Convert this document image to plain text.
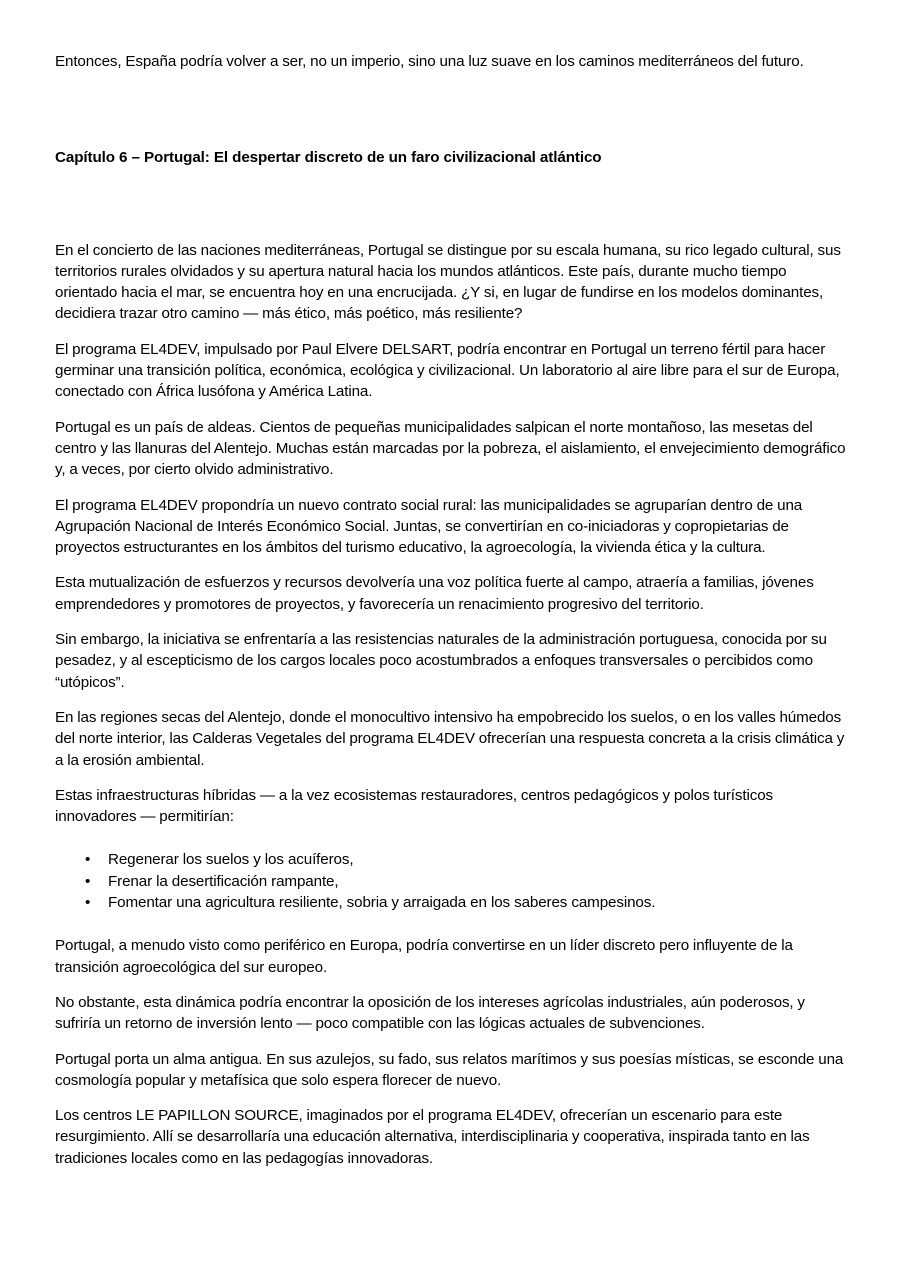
Entonces, España podría volver a ser, no un imperio, sino una luz suave en los caminos mediterráneos del futuro.

Capítulo 6 – Portugal: El despertar discreto de un faro civilizacional atlántico

En el concierto de las naciones mediterráneas, Portugal se distingue por su escala humana, su rico legado cultural, sus territorios rurales olvidados y su apertura natural hacia los mundos atlánticos. Este país, durante mucho tiempo orientado hacia el mar, se encuentra hoy en una encrucijada. ¿Y si, en lugar de fundirse en los modelos dominantes, decidiera trazar otro camino — más ético, más poético, más resiliente?

El programa EL4DEV, impulsado por Paul Elvere DELSART, podría encontrar en Portugal un terreno fértil para hacer germinar una transición política, económica, ecológica y civilizacional. Un laboratorio al aire libre para el sur de Europa, conectado con África lusófona y América Latina.

Portugal es un país de aldeas. Cientos de pequeñas municipalidades salpican el norte montañoso, las mesetas del centro y las llanuras del Alentejo. Muchas están marcadas por la pobreza, el aislamiento, el envejecimiento demográfico y, a veces, por cierto olvido administrativo.

El programa EL4DEV propondría un nuevo contrato social rural: las municipalidades se agruparían dentro de una Agrupación Nacional de Interés Económico Social. Juntas, se convertirían en co-iniciadoras y copropietarias de proyectos estructurantes en los ámbitos del turismo educativo, la agroecología, la vivienda ética y la cultura.

Esta mutualización de esfuerzos y recursos devolvería una voz política fuerte al campo, atraería a familias, jóvenes emprendedores y promotores de proyectos, y favorecería un renacimiento progresivo del territorio.

Sin embargo, la iniciativa se enfrentaría a las resistencias naturales de la administración portuguesa, conocida por su pesadez, y al escepticismo de los cargos locales poco acostumbrados a enfoques transversales o percibidos como “utópicos”.

En las regiones secas del Alentejo, donde el monocultivo intensivo ha empobrecido los suelos, o en los valles húmedos del norte interior, las Calderas Vegetales del programa EL4DEV ofrecerían una respuesta concreta a la crisis climática y a la erosión ambiental.

Estas infraestructuras híbridas — a la vez ecosistemas restauradores, centros pedagógicos y polos turísticos innovadores — permitirían:

• Regenerar los suelos y los acuíferos,
• Frenar la desertificación rampante,
• Fomentar una agricultura resiliente, sobria y arraigada en los saberes campesinos.

Portugal, a menudo visto como periférico en Europa, podría convertirse en un líder discreto pero influyente de la transición agroecológica del sur europeo.

No obstante, esta dinámica podría encontrar la oposición de los intereses agrícolas industriales, aún poderosos, y sufriría un retorno de inversión lento — poco compatible con las lógicas actuales de subvenciones.

Portugal porta un alma antigua. En sus azulejos, su fado, sus relatos marítimos y sus poesías místicas, se esconde una cosmología popular y metafísica que solo espera florecer de nuevo.

Los centros LE PAPILLON SOURCE, imaginados por el programa EL4DEV, ofrecerían un escenario para este resurgimiento. Allí se desarrollaría una educación alternativa, interdisciplinaria y cooperativa, inspirada tanto en las tradiciones locales como en las pedagogías innovadoras.
